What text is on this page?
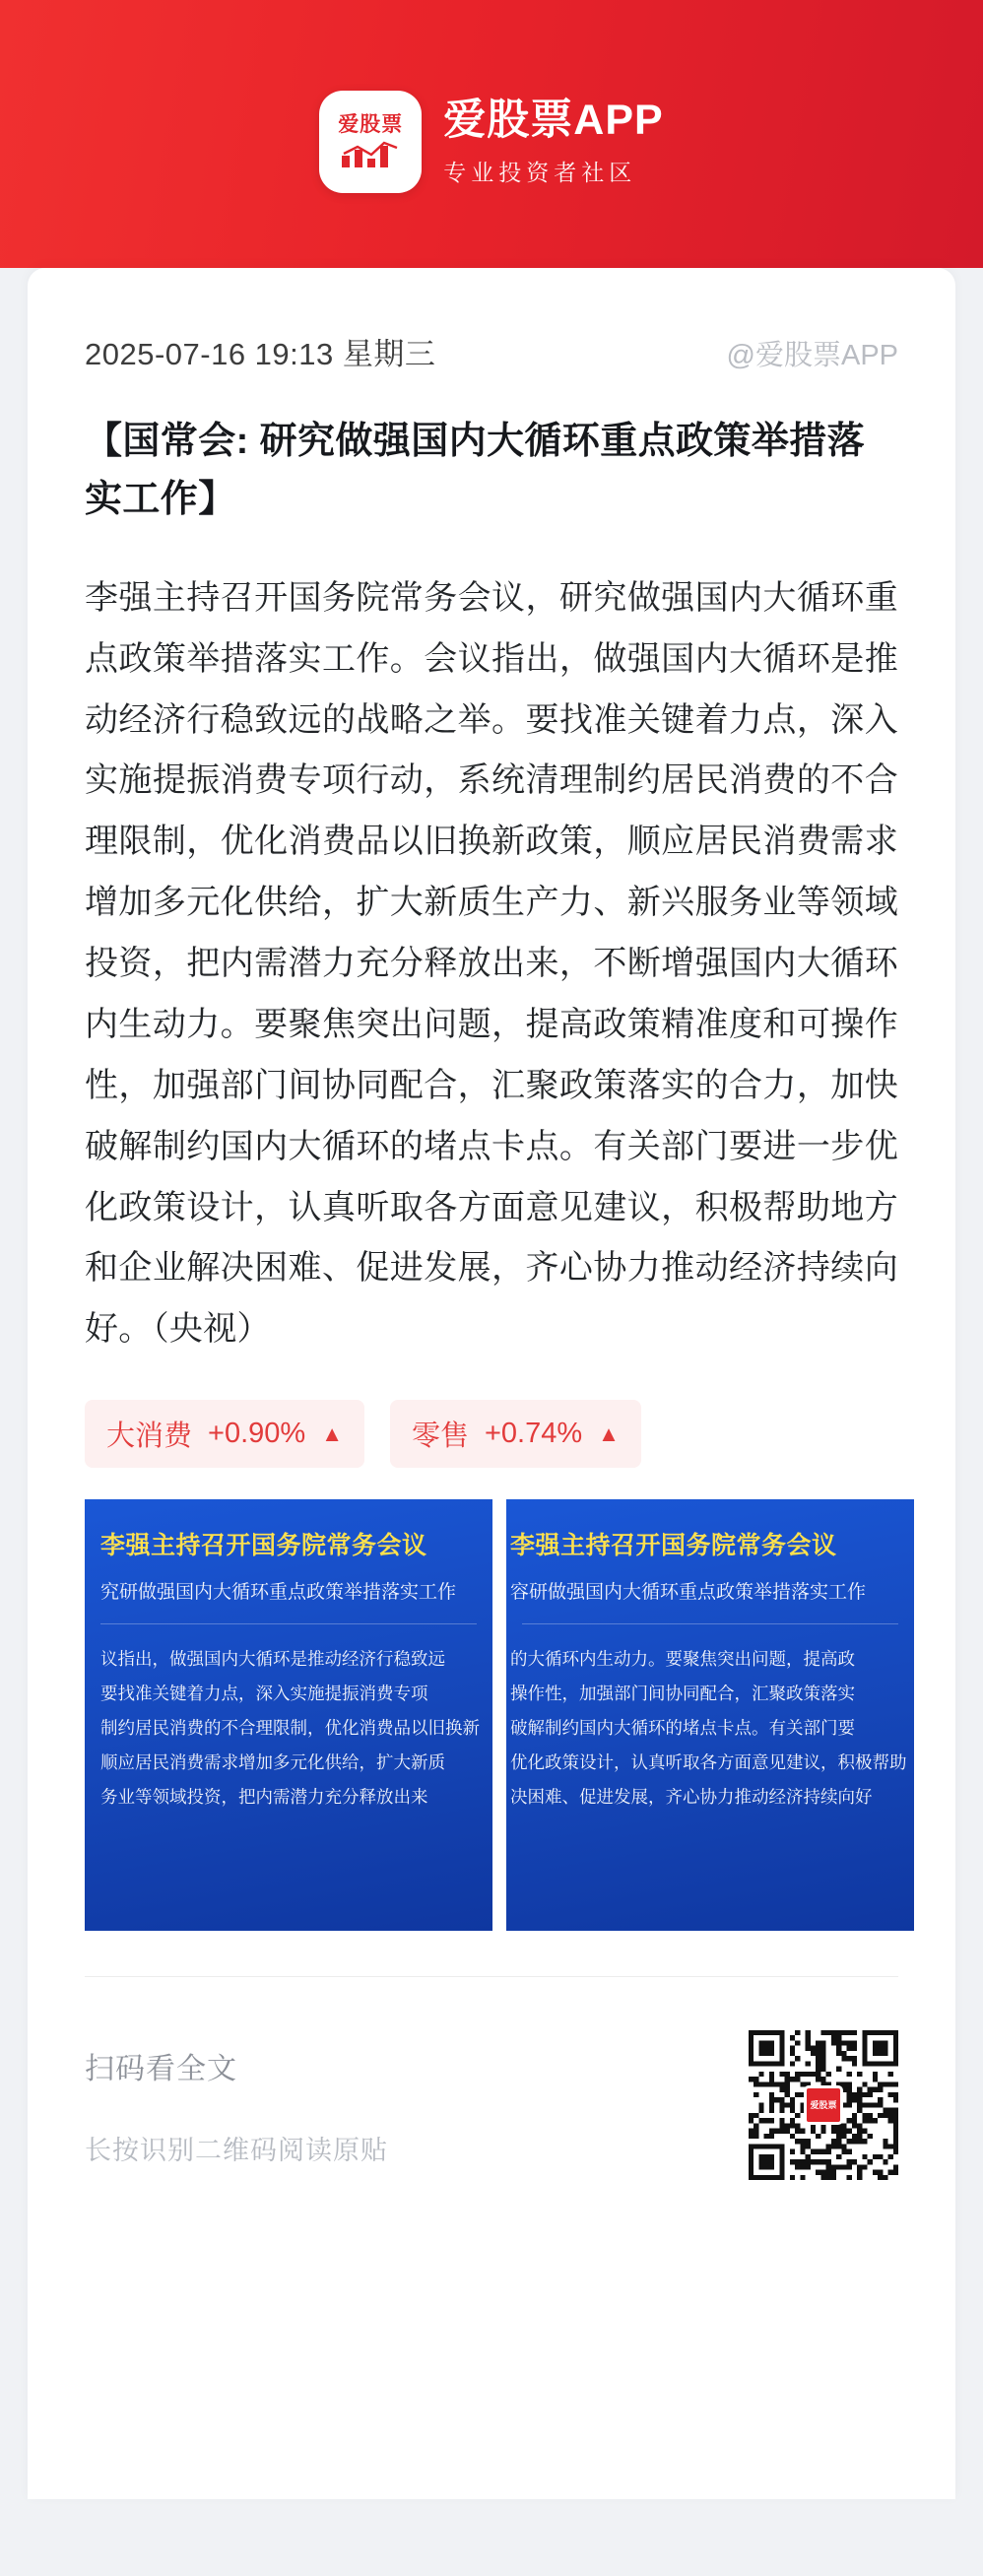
爱股票 爱股票APP
专业投资者社区
2025-07-16 19:13 星期三	@爱股票APP
【国常会: 研究做强国内大循环重点政策举措落实工作】
李强主持召开国务院常务会议，研究做强国内大循环重点政策举措落实工作。会议指出，做强国内大循环是推动经济行稳致远的战略之举。要找准关键着力点，深入实施提振消费专项行动，系统清理制约居民消费的不合理限制，优化消费品以旧换新政策，顺应居民消费需求增加多元化供给，扩大新质生产力、新兴服务业等领域投资，把内需潜力充分释放出来，不断增强国内大循环内生动力。要聚焦突出问题，提高政策精准度和可操作性，加强部门间协同配合，汇聚政策落实的合力，加快破解制约国内大循环的堵点卡点。有关部门要进一步优化政策设计，认真听取各方面意见建议，积极帮助地方和企业解决困难、促进发展，齐心协力推动经济持续向好。（央视）
大消费 +0.90% ▲ 零售 +0.74% ▲
李强主持召开国务院常务会议
究研做强国内大循环重点政策举措落实工作
议指出，做强国内大循环是推动经济行稳致远
要找准关键着力点，深入实施提振消费专项
制约居民消费的不合理限制，优化消费品以旧换新
顺应居民消费需求增加多元化供给，扩大新质
务业等领域投资，把内需潜力充分释放出来
李强主持召开国务院常务会议
容研做强国内大循环重点政策举措落实工作
的大循环内生动力。要聚焦突出问题，提高政
操作性，加强部门间协同配合，汇聚政策落实
破解制约国内大循环的堵点卡点。有关部门要
优化政策设计，认真听取各方面意见建议，积极帮助
决困难、促进发展，齐心协力推动经济持续向好
扫码看全文
长按识别二维码阅读原贴
爱股票
